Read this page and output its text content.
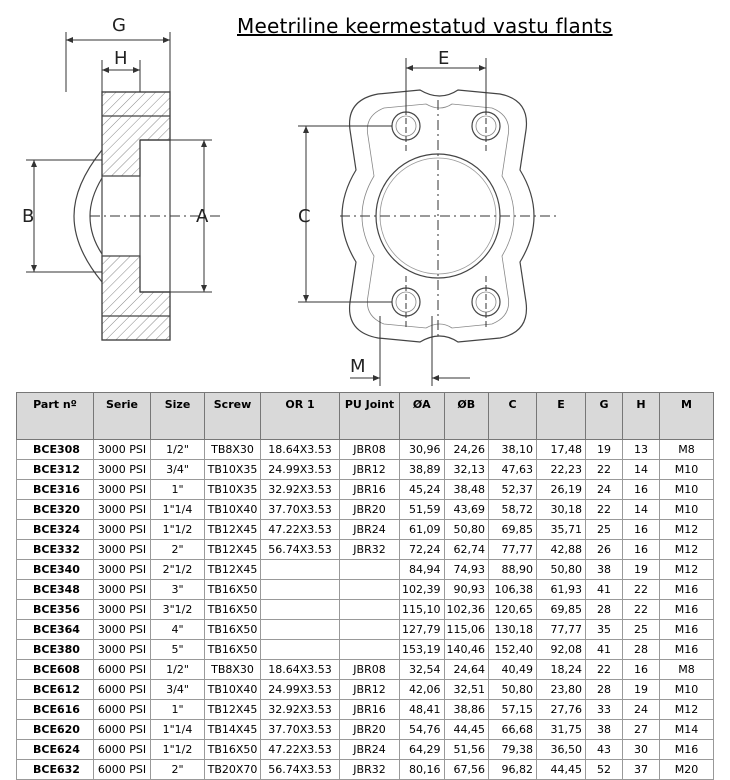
Meetriline keermestatud vastu flants
G
H
B	A
E
C
M
Part nº	Serie	Size	Screw	OR 1	PU Joint	ØA	ØB	C	E	G	H	M
BCE308	3000 PSI	1/2"	TB8X30	18.64X3.53	JBR08	30,96	24,26	38,10	17,48	19	13	M8
BCE312	3000 PSI	3/4"	TB10X35	24.99X3.53	JBR12	38,89	32,13	47,63	22,23	22	14	M10
BCE316	3000 PSI	1"	TB10X35	32.92X3.53	JBR16	45,24	38,48	52,37	26,19	24	16	M10
BCE320	3000 PSI	1"1/4	TB10X40	37.70X3.53	JBR20	51,59	43,69	58,72	30,18	22	14	M10
BCE324	3000 PSI	1"1/2	TB12X45	47.22X3.53	JBR24	61,09	50,80	69,85	35,71	25	16	M12
BCE332	3000 PSI	2"	TB12X45	56.74X3.53	JBR32	72,24	62,74	77,77	42,88	26	16	M12
BCE340	3000 PSI	2"1/2	TB12X45			84,94	74,93	88,90	50,80	38	19	M12
BCE348	3000 PSI	3"	TB16X50			102,39	90,93	106,38	61,93	41	22	M16
BCE356	3000 PSI	3"1/2	TB16X50			115,10	102,36	120,65	69,85	28	22	M16
BCE364	3000 PSI	4"	TB16X50			127,79	115,06	130,18	77,77	35	25	M16
BCE380	3000 PSI	5"	TB16X50			153,19	140,46	152,40	92,08	41	28	M16
BCE608	6000 PSI	1/2"	TB8X30	18.64X3.53	JBR08	32,54	24,64	40,49	18,24	22	16	M8
BCE612	6000 PSI	3/4"	TB10X40	24.99X3.53	JBR12	42,06	32,51	50,80	23,80	28	19	M10
BCE616	6000 PSI	1"	TB12X45	32.92X3.53	JBR16	48,41	38,86	57,15	27,76	33	24	M12
BCE620	6000 PSI	1"1/4	TB14X45	37.70X3.53	JBR20	54,76	44,45	66,68	31,75	38	27	M14
BCE624	6000 PSI	1"1/2	TB16X50	47.22X3.53	JBR24	64,29	51,56	79,38	36,50	43	30	M16
BCE632	6000 PSI	2"	TB20X70	56.74X3.53	JBR32	80,16	67,56	96,82	44,45	52	37	M20
